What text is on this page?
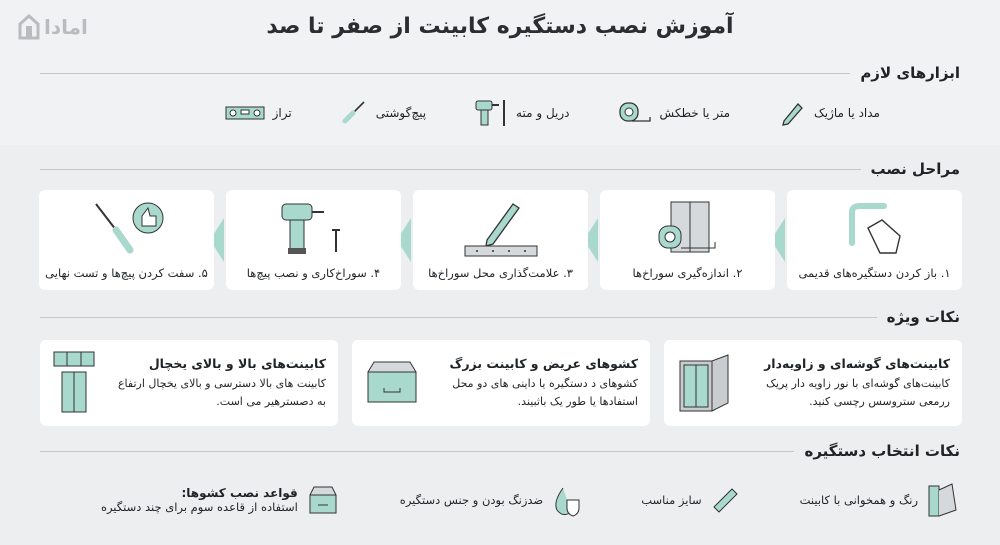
امادا	آموزش نصب دستگیره کابینت از صفر تا صد
ابزارهای لازم
مداد یا ماژیک
متر یا خطکش
دریل و مته
پیچ‌گوشتی
تراز
مراحل نصب
۱. باز کردن دستگیره‌های قدیمی
۲. اندازه‌گیری سوراخ‌ها
۳. علامت‌گذاری محل سوراخ‌ها
۴. سوراخ‌کاری و نصب پیچ‌ها
۵. سفت کردن پیچ‌ها و تست نهایی
نکات ویژه
کابینت‌های گوشه‌ای و زاویه‌دار

کابینت‌های گوشه‌ای با نور زاویه دار پریک ررمعی ستروسس رچسی کنید.

کشوهای عریض و کابینت بزرگ

کشوهای د دستگیره یا داینی های دو محل استفادها یا طور یک باثبیند.

کابینت‌های بالا و بالای یخچال

کابینت های بالا دسترسی و بالای یخچال ارتفاع به دصسترهیر می است.

نکات انتخاب دستگیره
رنگ و همخوانی با کابینت
سایز مناسب
ضدزنگ بودن و جنس دستگیره
قواعد نصب کشوها:
استفاده از قاعده سوم برای چند دستگیره
